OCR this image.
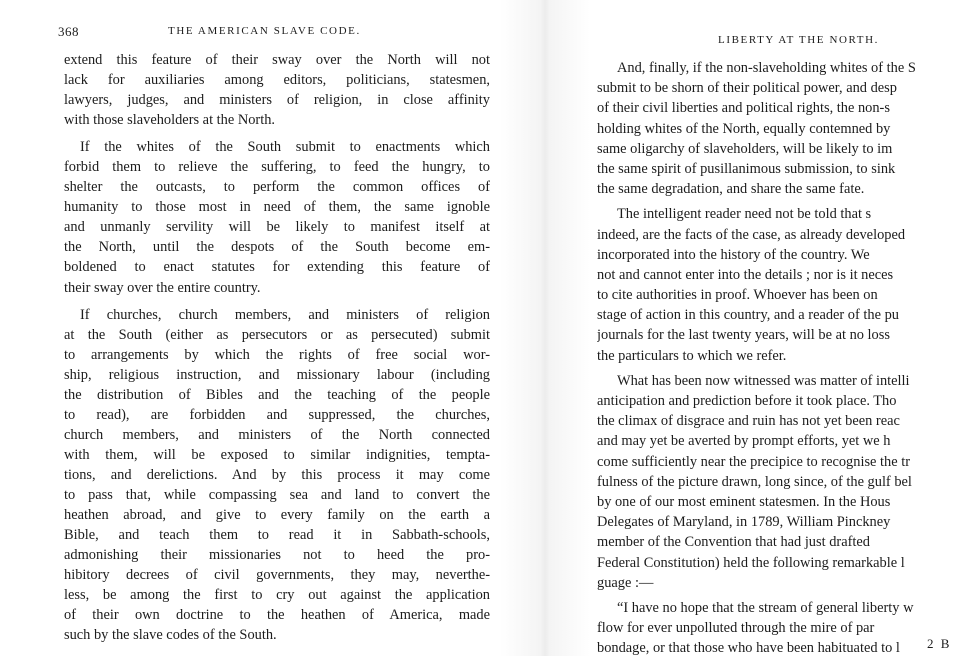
368	THE AMERICAN SLAVE CODE.
extend this feature of their sway over the North will not
lack for auxiliaries among editors, politicians, statesmen,
lawyers, judges, and ministers of religion, in close affinity
with those slaveholders at the North.
If the whites of the South submit to enactments which
forbid them to relieve the suffering, to feed the hungry, to
shelter the outcasts, to perform the common offices of
humanity to those most in need of them, the same ignoble
and unmanly servility will be likely to manifest itself at
the North, until the despots of the South become em-
boldened to enact statutes for extending this feature of
their sway over the entire country.
If churches, church members, and ministers of religion
at the South (either as persecutors or as persecuted) submit
to arrangements by which the rights of free social wor-
ship, religious instruction, and missionary labour (including
the distribution of Bibles and the teaching of the people
to read), are forbidden and suppressed, the churches,
church members, and ministers of the North connected
with them, will be exposed to similar indignities, tempta-
tions, and derelictions. And by this process it may come
to pass that, while compassing sea and land to convert the
heathen abroad, and give to every family on the earth a
Bible, and teach them to read it in Sabbath-schools,
admonishing their missionaries not to heed the pro-
hibitory decrees of civil governments, they may, neverthe-
less, be among the first to cry out against the application
of their own doctrine to the heathen of America, made
such by the slave codes of the South.
LIBERTY AT THE NORTH.
And, finally, if the non-slaveholding whites of the S
submit to be shorn of their political power, and desp
of their civil liberties and political rights, the non-s
holding whites of the North, equally contemned by
same oligarchy of slaveholders, will be likely to im
the same spirit of pusillanimous submission, to sink
the same degradation, and share the same fate.
The intelligent reader need not be told that s
indeed, are the facts of the case, as already developed
incorporated into the history of the country. We
not and cannot enter into the details ; nor is it neces
to cite authorities in proof. Whoever has been on
stage of action in this country, and a reader of the pu
journals for the last twenty years, will be at no loss
the particulars to which we refer.
What has been now witnessed was matter of intelli
anticipation and prediction before it took place. Tho
the climax of disgrace and ruin has not yet been reac
and may yet be averted by prompt efforts, yet we h
come sufficiently near the precipice to recognise the tr
fulness of the picture drawn, long since, of the gulf bel
by one of our most eminent statesmen. In the Hous
Delegates of Maryland, in 1789, William Pinckney
member of the Convention that had just drafted
Federal Constitution) held the following remarkable l
guage :—
“I have no hope that the stream of general liberty w
flow for ever unpolluted through the mire of par
bondage, or that those who have been habituated to l	2 B
